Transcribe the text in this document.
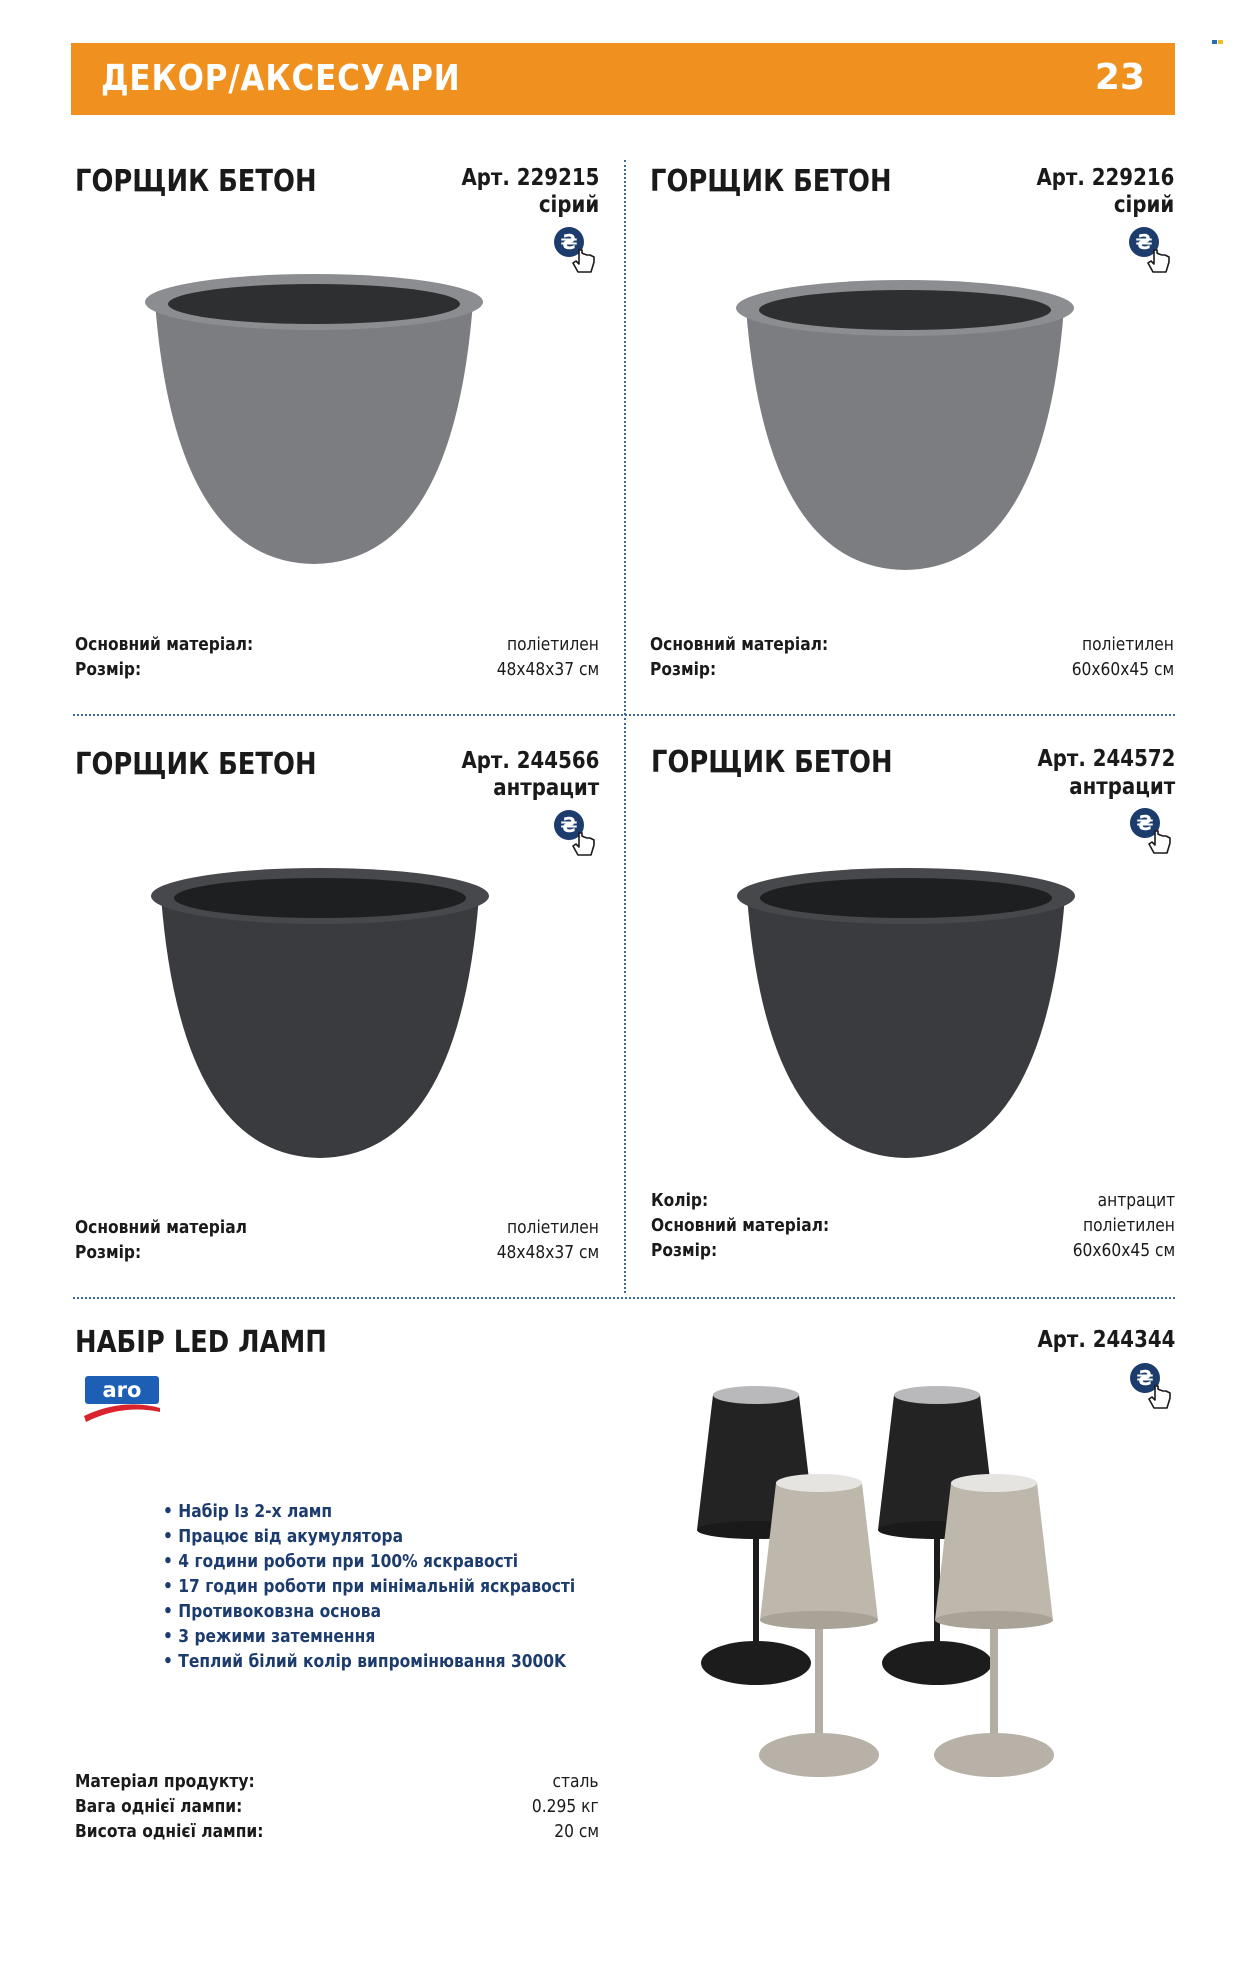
ДЕКОР/АКСЕСУАРИ	23
ГОРЩИК БЕТОН	Арт. 229215
сірий
₴
Основний матеріал:	поліетилен
Розмір:	48x48x37 см
ГОРЩИК БЕТОН	Арт. 229216
сірий
₴
Основний матеріал:	поліетилен
Розмір:	60x60x45 см
ГОРЩИК БЕТОН	Арт. 244566
антрацит
₴
Основний матеріал	поліетилен
Розмір:	48x48x37 см
ГОРЩИК БЕТОН	Арт. 244572
антрацит
₴
Колір:	антрацит
Основний матеріал:	поліетилен
Розмір:	60x60x45 см
НАБІР LED ЛАМП	Арт. 244344
₴
aro
• Набір Із 2-х ламп
• Працює від акумулятора
• 4 години роботи при 100% яскравості
• 17 годин роботи при мінімальній яскравості
• Противоковзна основа
• 3 режими затемнення
• Теплий білий колір випромінювання 3000K
Матеріал продукту:	сталь
Вага однієї лампи:	0.295 кг
Висота однієї лампи:	20 см
